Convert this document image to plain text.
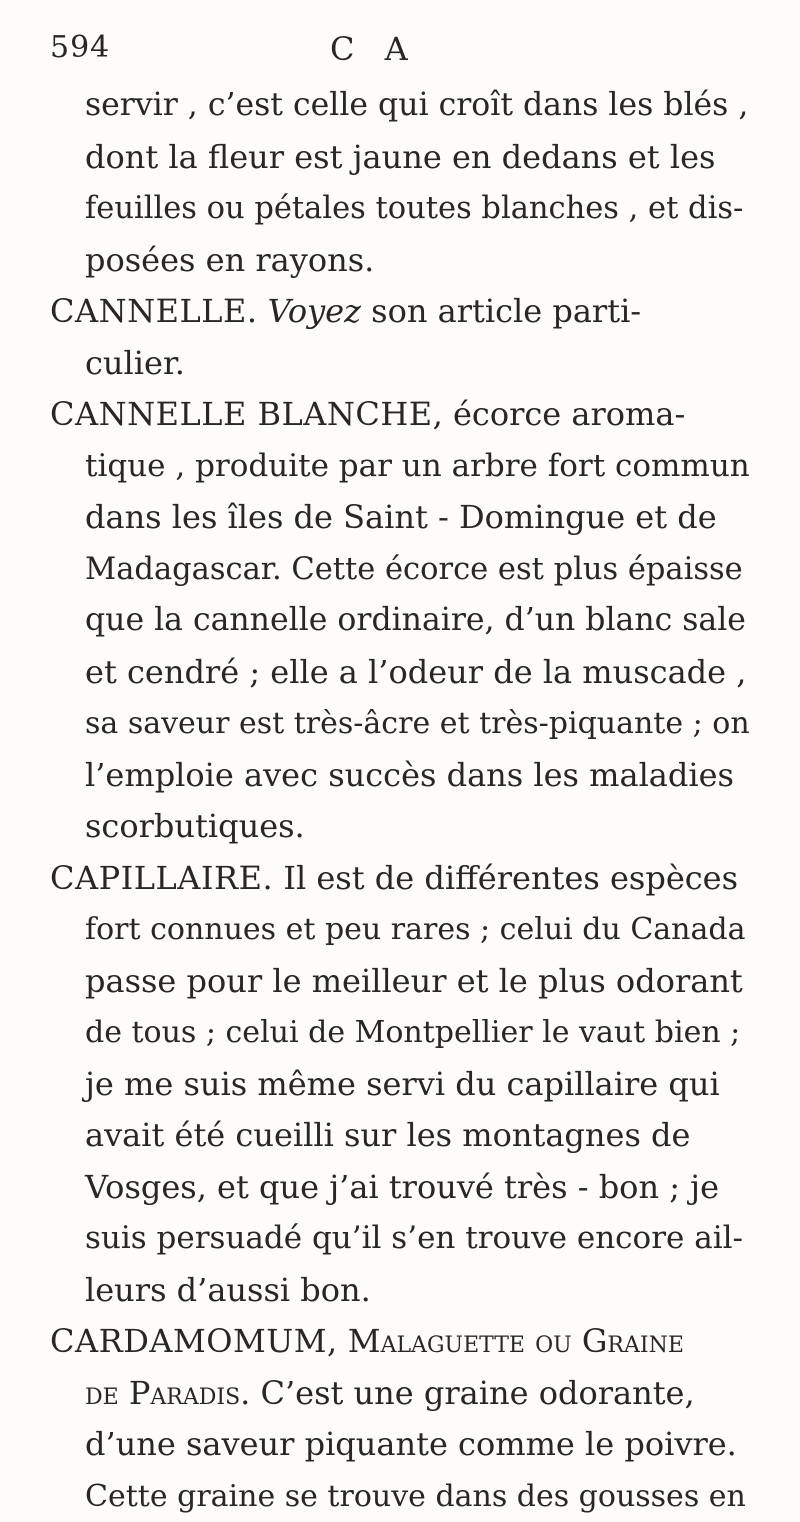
594	C A
servir , c’est celle qui croît dans les blés ,
dont la fleur est jaune en dedans et les
feuilles ou pétales toutes blanches , et dis-
posées en rayons.
CANNELLE. Voyez son article parti-
culier.
CANNELLE BLANCHE, écorce aroma-
tique , produite par un arbre fort commun
dans les îles de Saint - Domingue et de
Madagascar. Cette écorce est plus épaisse
que la cannelle ordinaire, d’un blanc sale
et cendré ; elle a l’odeur de la muscade ,
sa saveur est très-âcre et très-piquante ; on
l’emploie avec succès dans les maladies
scorbutiques.
CAPILLAIRE. Il est de différentes espèces
fort connues et peu rares ; celui du Canada
passe pour le meilleur et le plus odorant
de tous ; celui de Montpellier le vaut bien ;
je me suis même servi du capillaire qui
avait été cueilli sur les montagnes de
Vosges, et que j’ai trouvé très - bon ; je
suis persuadé qu’il s’en trouve encore ail-
leurs d’aussi bon.
CARDAMOMUM, Malaguette ou Graine
de Paradis. C’est une graine odorante,
d’une saveur piquante comme le poivre.
Cette graine se trouve dans des gousses en
